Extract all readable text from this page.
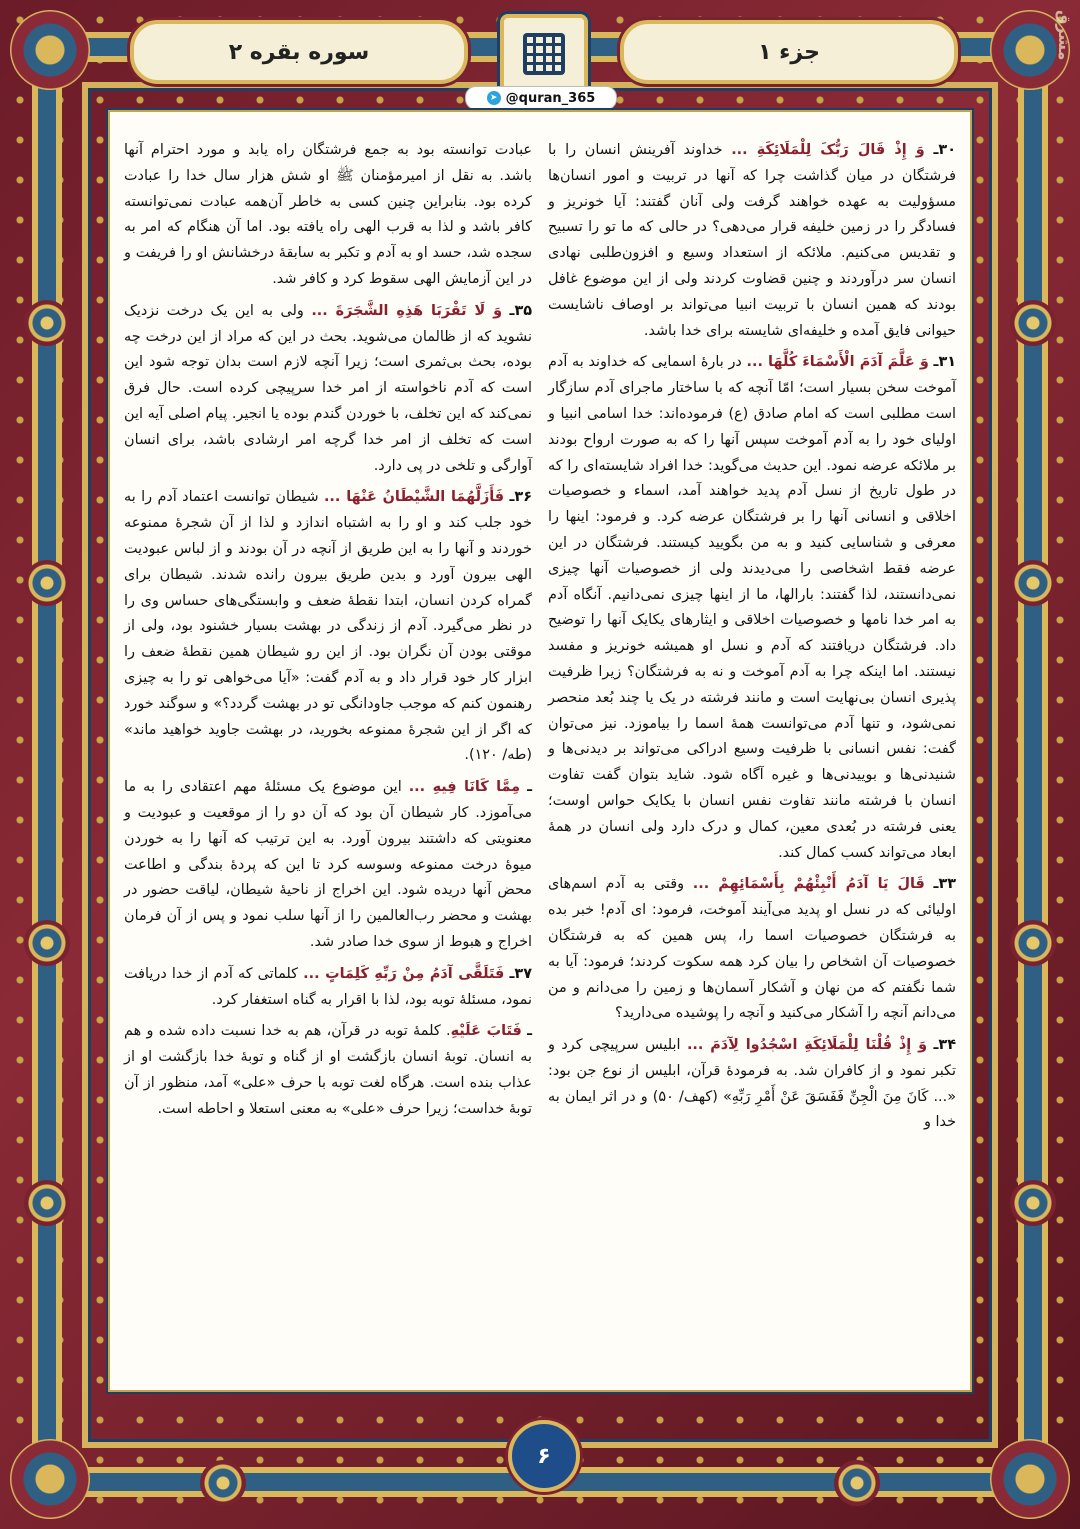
مشرق
جزء ۱
سوره بقره ۲
➤ @quran_365

۳۰ـ وَ إِذْ قَالَ رَبُّکَ لِلْمَلَائِکَةِ ... خداوند آفرینش انسان را با فرشتگان در میان گذاشت چرا که آنها در تربیت و امور انسان‌ها مسؤولیت به عهده خواهند گرفت ولی آنان گفتند: آیا خونریز و فسادگر را در زمین خلیفه قرار می‌دهی؟ در حالی که ما تو را تسبیح و تقدیس می‌کنیم. ملائکه از استعداد وسیع و افزون‌طلبی نهادی انسان سر درآوردند و چنین قضاوت کردند ولی از این موضوع غافل بودند که همین انسان با تربیت انبیا می‌تواند بر اوصاف ناشایست حیوانی فایق آمده و خلیفه‌ای شایسته برای خدا باشد.

۳۱ـ وَ عَلَّمَ آدَمَ الْأَسْمَاءَ کُلَّهَا ... در بارهٔ اسمایی که خداوند به آدم آموخت سخن بسیار است؛ امّا آنچه که با ساختار ماجرای آدم سازگار است مطلبی است که امام صادق (ع) فرموده‌اند: خدا اسامی انبیا و اولیای خود را به آدم آموخت سپس آنها را که به صورت ارواح بودند بر ملائکه عرضه نمود. این حدیث می‌گوید: خدا افراد شایسته‌ای را که در طول تاریخ از نسل آدم پدید خواهند آمد، اسماء و خصوصیات اخلاقی و انسانی آنها را بر فرشتگان عرضه کرد. و فرمود: اینها را معرفی و شناسایی کنید و به من بگویید کیستند. فرشتگان در این عرضه فقط اشخاصی را می‌دیدند ولی از خصوصیات آنها چیزی نمی‌دانستند، لذا گفتند: بارالها، ما از اینها چیزی نمی‌دانیم. آنگاه آدم به امر خدا نامها و خصوصیات اخلاقی و ایثارهای یکایک آنها را توضیح داد. فرشتگان دریافتند که آدم و نسل او همیشه خونریز و مفسد نیستند. اما اینکه چرا به آدم آموخت و نه به فرشتگان؟ زیرا ظرفیت پذیری انسان بی‌نهایت است و مانند فرشته در یک یا چند بُعد منحصر نمی‌شود، و تنها آدم می‌توانست همهٔ اسما را بیاموزد. نیز می‌توان گفت: نفس انسانی با ظرفیت وسیع ادراکی می‌تواند بر دیدنی‌ها و شنیدنی‌ها و بوییدنی‌ها و غیره آگاه شود. شاید بتوان گفت تفاوت انسان با فرشته مانند تفاوت نفس انسان با یکایک حواس اوست؛ یعنی فرشته در بُعدی معین، کمال و درک دارد ولی انسان در همهٔ ابعاد می‌تواند کسب کمال کند.

۳۳ـ قَالَ یَا آدَمُ أَنْبِئْهُمْ بِأَسْمَائِهِمْ ... وقتی به آدم اسم‌های اولیائی که در نسل او پدید می‌آیند آموخت، فرمود: ای آدم! خبر بده به فرشتگان خصوصیات اسما را، پس همین که به فرشتگان خصوصیات آن اشخاص را بیان کرد همه سکوت کردند؛ فرمود: آیا به شما نگفتم که من نهان و آشکار آسمان‌ها و زمین را می‌دانم و من می‌دانم آنچه را آشکار می‌کنید و آنچه را پوشیده می‌دارید؟

۳۴ـ وَ إِذْ قُلْنَا لِلْمَلَائِکَةِ اسْجُدُوا لِآدَمَ ... ابلیس سرپیچی کرد و تکبر نمود و از کافران شد. به فرمودهٔ قرآن، ابلیس از نوع جن بود: «... کَانَ مِنَ الْجِنِّ فَفَسَقَ عَنْ أَمْرِ رَبِّهِ» (کهف/ ۵۰) و در اثر ایمان به خدا و

عبادت توانسته بود به جمع فرشتگان راه یابد و مورد احترام آنها باشد. به نقل از امیرمؤمنان ﷺ او شش هزار سال خدا را عبادت کرده بود. بنابراین چنین کسی به خاطر آن‌همه عبادت نمی‌توانسته کافر باشد و لذا به قرب الهی راه یافته بود. اما آن هنگام که امر به سجده شد، حسد او به آدم و تکبر به سابقهٔ درخشانش او را فریفت و در این آزمایش الهی سقوط کرد و کافر شد.

۳۵ـ وَ لَا تَقْرَبَا هَذِهِ الشَّجَرَةَ ... ولی به این یک درخت نزدیک نشوید که از ظالمان می‌شوید. بحث در این که مراد از این درخت چه بوده، بحث بی‌ثمری است؛ زیرا آنچه لازم است بدان توجه شود این است که آدم ناخواسته از امر خدا سرپیچی کرده است. حال فرق نمی‌کند که این تخلف، با خوردن گندم بوده یا انجیر. پیام اصلی آیه این است که تخلف از امر خدا گرچه امر ارشادی باشد، برای انسان آوارگی و تلخی در پی دارد.

۳۶ـ فَأَزَلَّهُمَا الشَّیْطَانُ عَنْهَا ... شیطان توانست اعتماد آدم را به خود جلب کند و او را به اشتباه اندازد و لذا از آن شجرهٔ ممنوعه خوردند و آنها را به این طریق از آنچه در آن بودند و از لباس عبودیت الهی بیرون آورد و بدین طریق بیرون رانده شدند. شیطان برای گمراه کردن انسان، ابتدا نقطهٔ ضعف و وابستگی‌های حساس وی را در نظر می‌گیرد. آدم از زندگی در بهشت بسیار خشنود بود، ولی از موقتی بودن آن نگران بود. از این رو شیطان همین نقطهٔ ضعف را ابزار کار خود قرار داد و به آدم گفت: «آیا می‌خواهی تو را به چیزی رهنمون کنم که موجب جاودانگی تو در بهشت گردد؟» و سوگند خورد که اگر از این شجرهٔ ممنوعه بخورید، در بهشت جاوید خواهید ماند» (طه/ ۱۲۰).

ـ مِمَّا کَانَا فِیهِ ... این موضوع یک مسئلهٔ مهم اعتقادی را به ما می‌آموزد. کار شیطان آن بود که آن دو را از موقعیت و عبودیت و معنویتی که داشتند بیرون آورد. به این ترتیب که آنها را به خوردن میوهٔ درخت ممنوعه وسوسه کرد تا این که پردهٔ بندگی و اطاعت محض آنها دریده شود. این اخراج از ناحیهٔ شیطان، لیاقت حضور در بهشت و محضر رب‌العالمین را از آنها سلب نمود و پس از آن فرمان اخراج و هبوط از سوی خدا صادر شد.

۳۷ـ فَتَلَقَّى آدَمُ مِنْ رَبِّهِ کَلِمَاتٍ ... کلماتی که آدم از خدا دریافت نمود، مسئلهٔ توبه بود، لذا با اقرار به گناه استغفار کرد.

ـ فَتَابَ عَلَیْهِ. کلمهٔ توبه در قرآن، هم به خدا نسبت داده شده و هم به انسان. توبهٔ انسان بازگشت او از گناه و توبهٔ خدا بازگشت او از عذاب بنده است. هرگاه لغت توبه با حرف «علی» آمد، منظور از آن توبهٔ خداست؛ زیرا حرف «علی» به معنی استعلا و احاطه است.

۶
